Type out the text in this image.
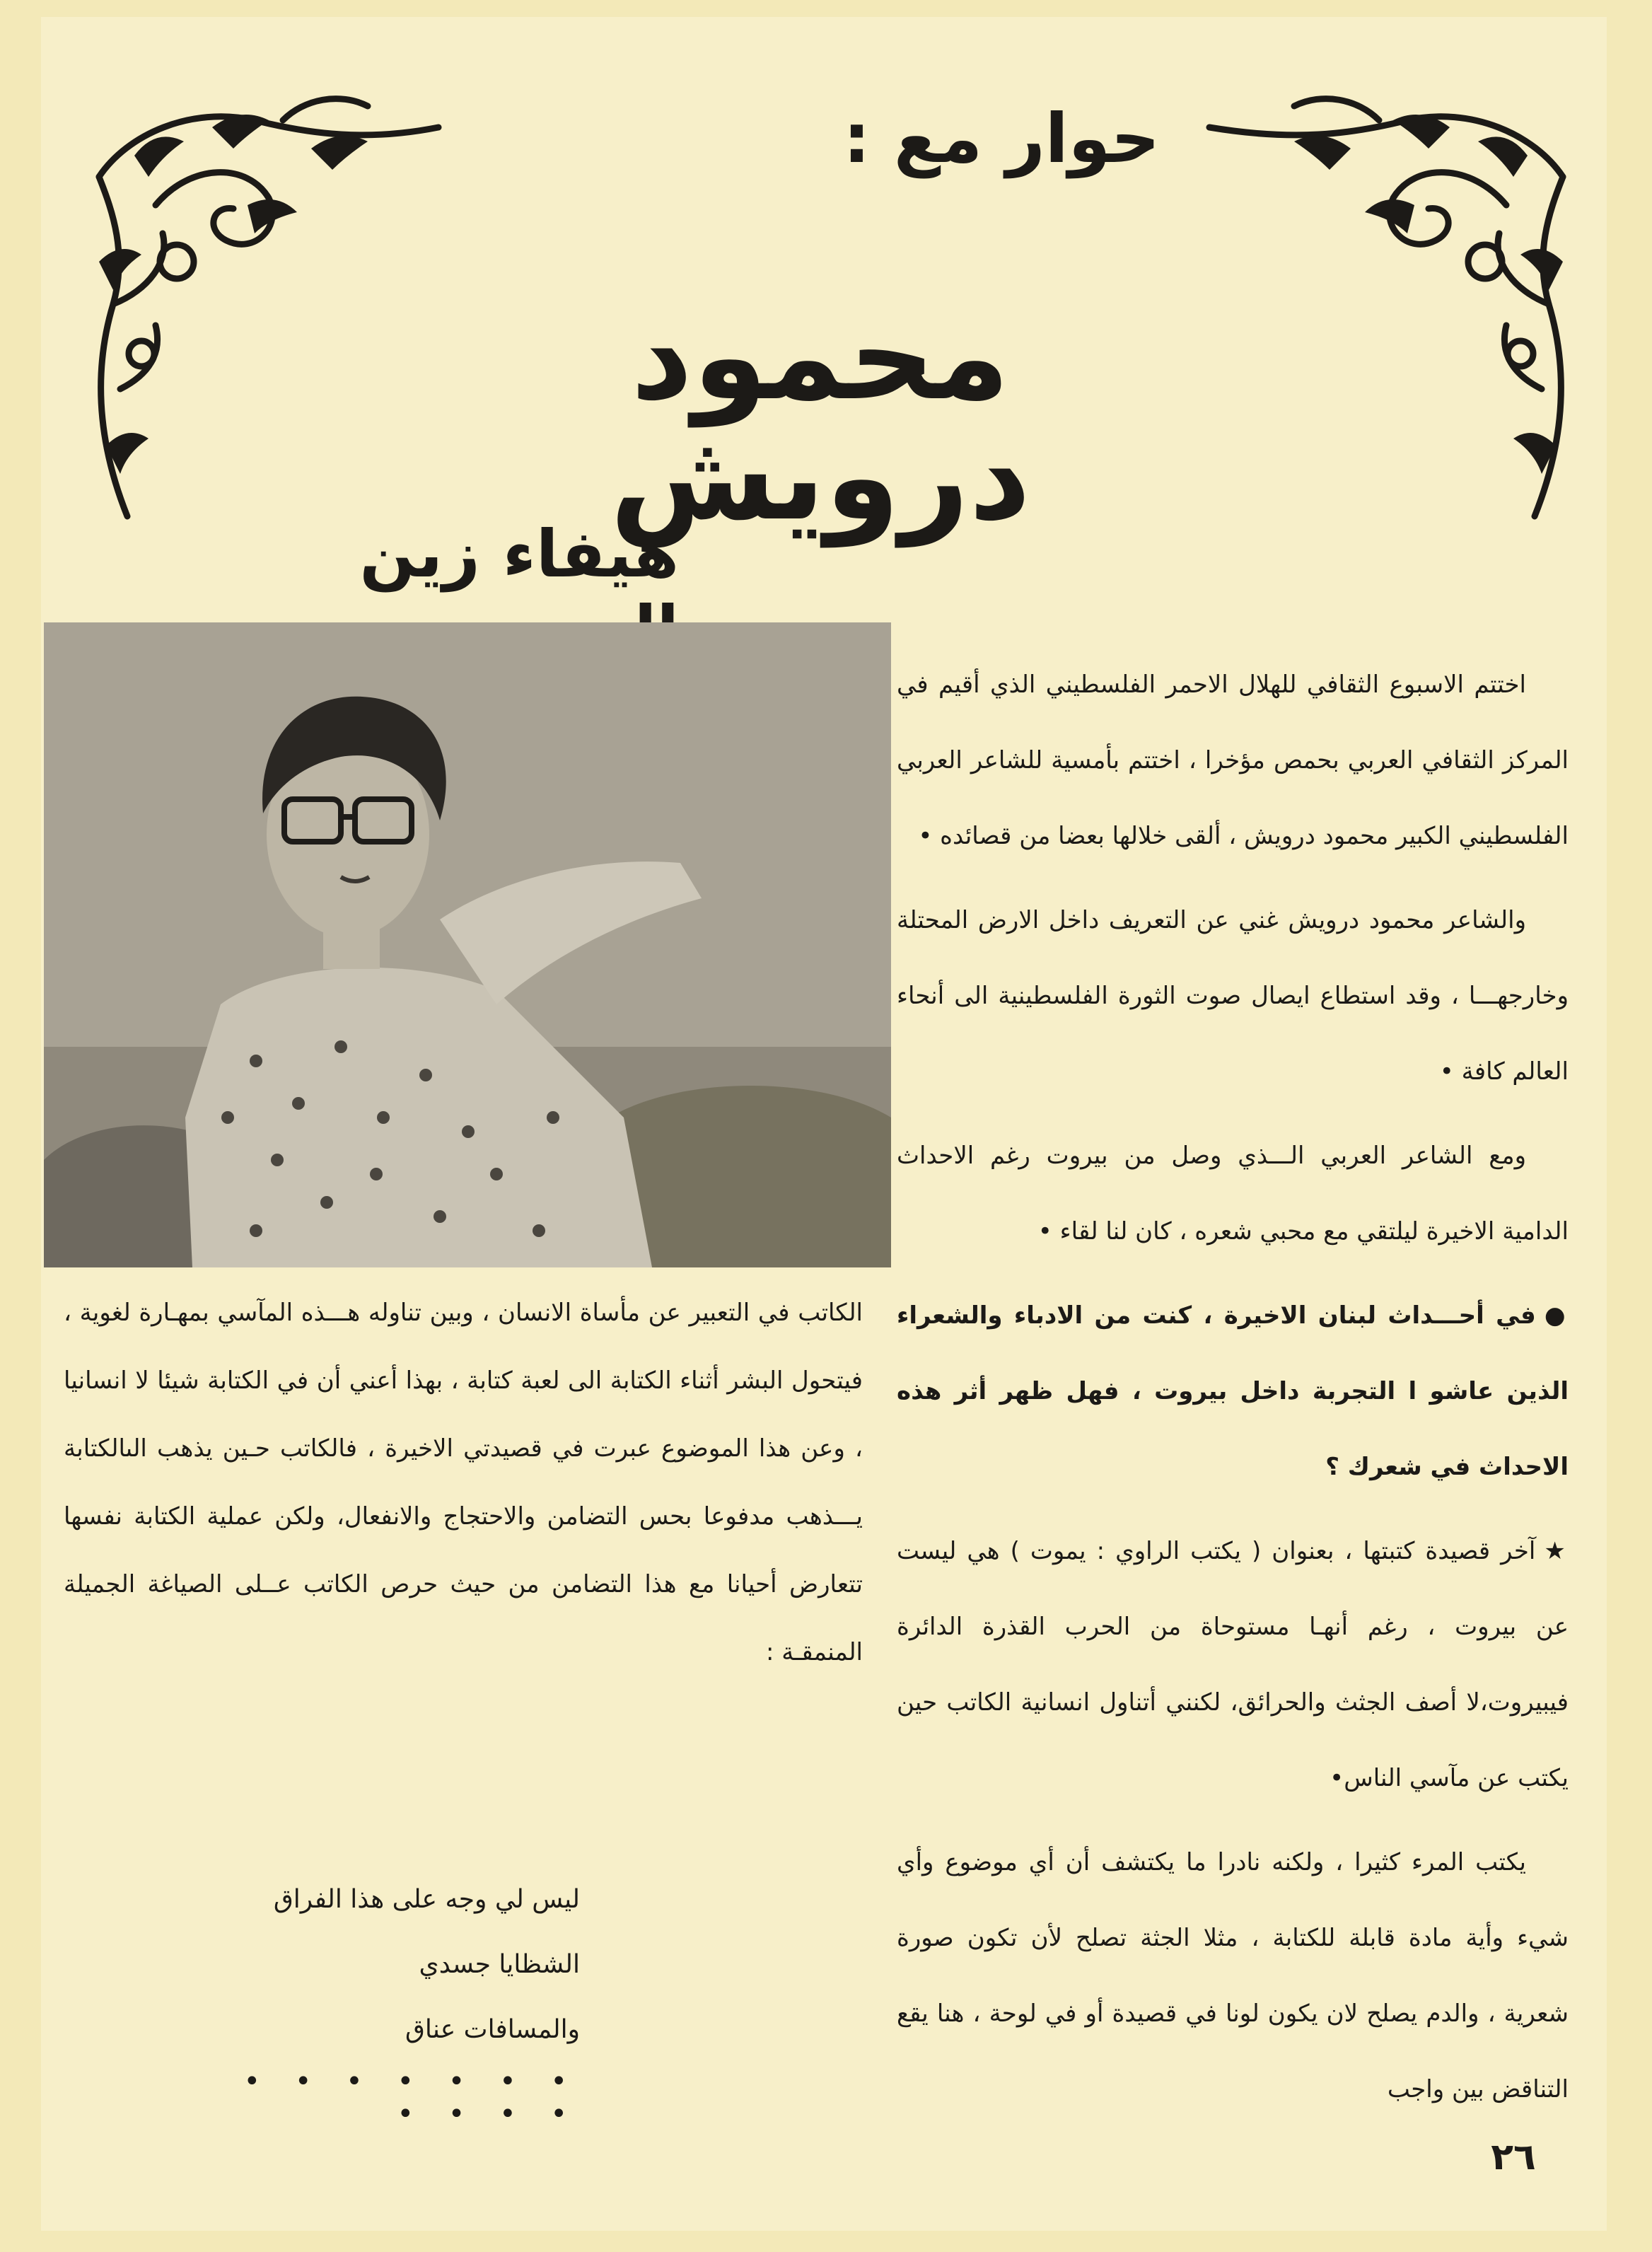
حوار مع :
محمود درويش
هيفاء زين

اختتم الاسبوع الثقافي للهلال الاحمر الفلسطيني الذي أقيم في المركز الثقافي العربي بحمص مؤخرا ، اختتم بأمسية للشاعر العربي الفلسطيني الكبير محمود درويش ، ألقى خلالها بعضا من قصائده •

والشاعر محمود درويش غني عن التعريف داخل الارض المحتلة وخارجهـــا ، وقد استطاع ايصال صوت الثورة الفلسطينية الى أنحاء العالم كافة •

ومع الشاعر العربي الـــذي وصل من بيروت رغم الاحداث الدامية الاخيرة ليلتقي مع محبي شعره ، كان لنا لقاء •

●في أحـــداث لبنان الاخيرة ، كنت من الادباء والشعراء الذين عاشو ا التجربة داخل بيروت ، فهل ظهر أثر هذه الاحداث في شعرك ؟

★آخر قصيدة كتبتها ، بعنوان ( يكتب الراوي : يموت ) هي ليست عن بيروت ، رغم أنهـا مستوحاة من الحرب القذرة الدائرة فيبيروت،لا أصف الجثث والحرائق، لكنني أتناول انسانية الكاتب حين يكتب عن مآسي الناس•

يكتب المرء كثيرا ، ولكنه نادرا ما يكتشف أن أي موضوع وأي شيء وأية مادة قابلة للكتابة ، مثلا الجثة تصلح لأن تكون صورة شعرية ، والدم يصلح لان يكون لونا في قصيدة أو في لوحة ، هنا يقع التناقض بين واجب

الكاتب في التعبير عن مأساة الانسان ، وبين تناوله هـــذه المآسي بمهـارة لغوية ، فيتحول البشر أثناء الكتابة الى لعبة كتابة ، بهذا أعني أن في الكتابة شيئا لا انسانيا ، وعن هذا الموضوع عبرت في قصيدتي الاخيرة ، فالكاتب حـين يذهب الىالكتابة يـــذهب مدفوعا بحس التضامن والاحتجاج والانفعال، ولكن عملية الكتابة نفسها تتعارض أحيانا مع هذا التضامن من حيث حرص الكاتب عــلى الصياغة الجميلة المنمقـة :

ليس لي وجه على هذا الفراق
الشظايا جسدي
والمسافات عناق
• • • • • • • • • • •
٢٦
